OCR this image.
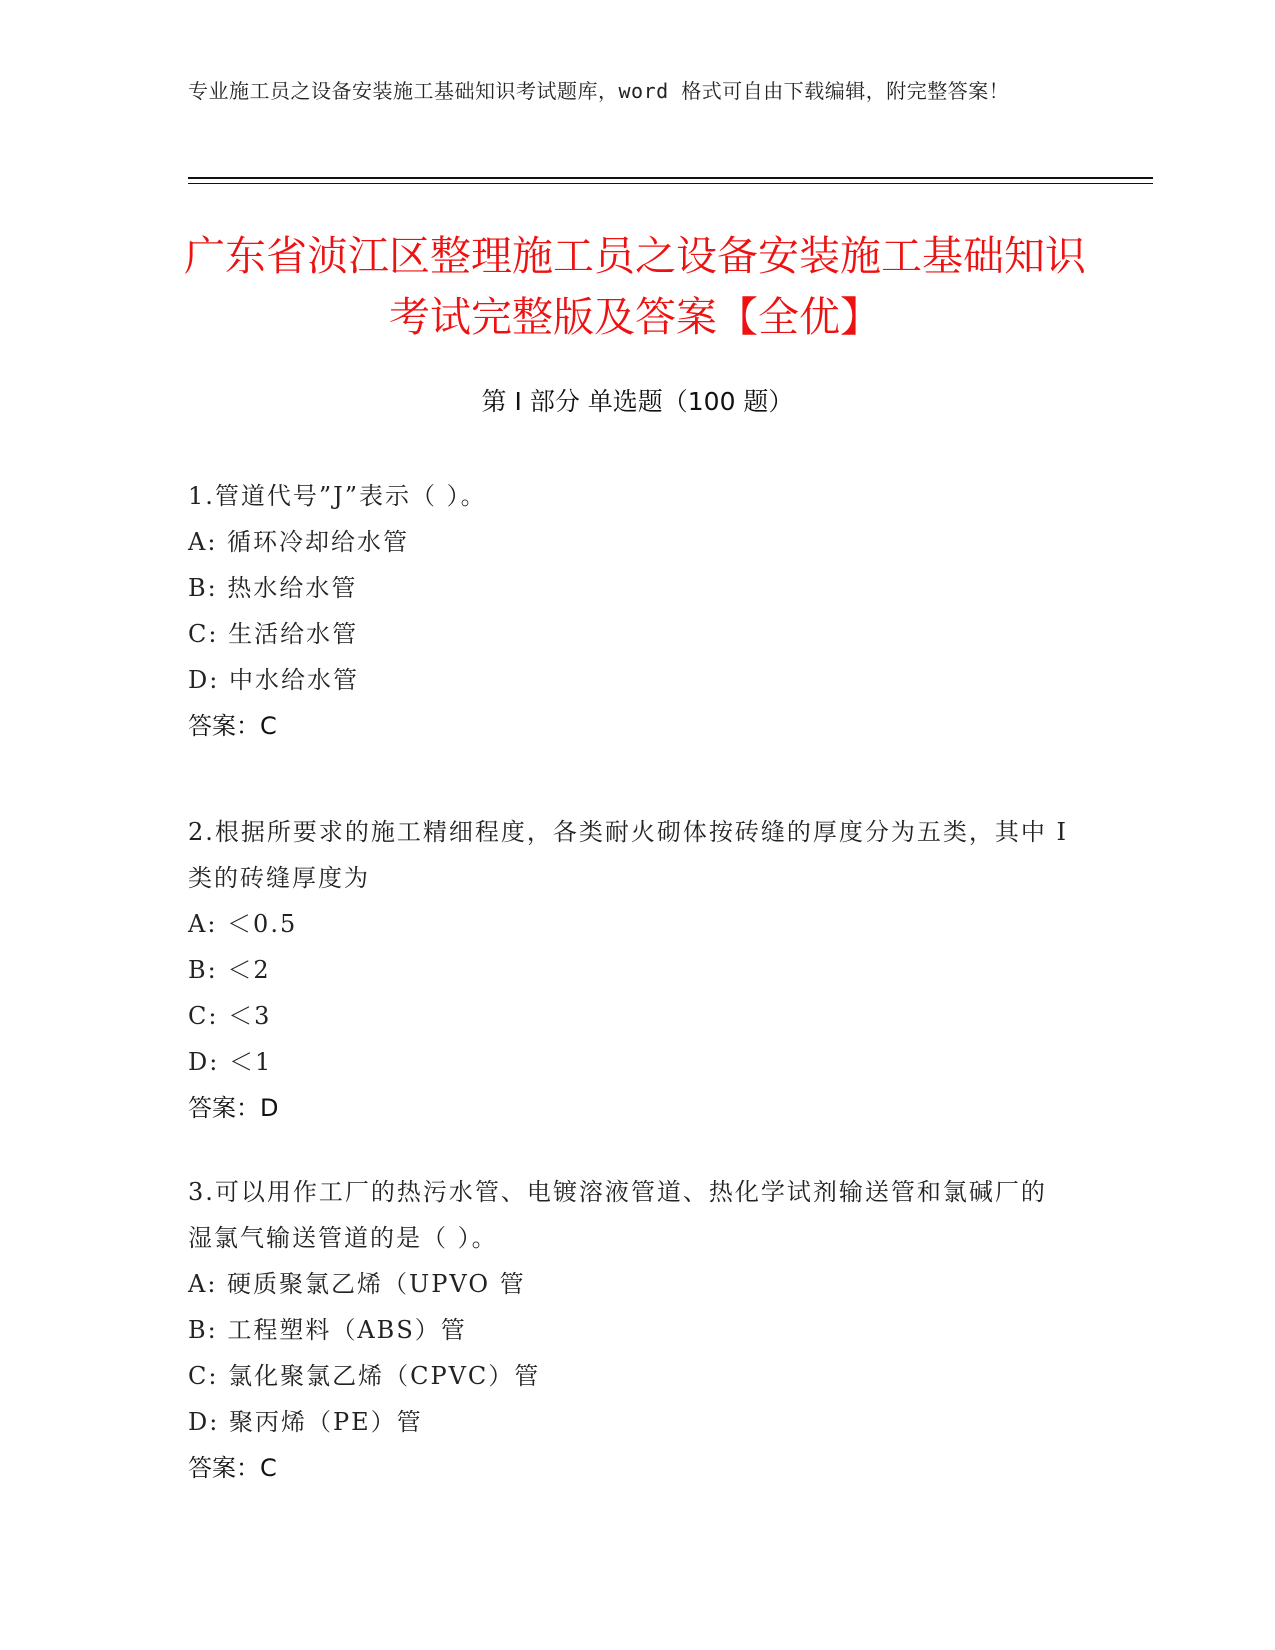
专业施工员之设备安装施工基础知识考试题库，word 格式可自由下载编辑，附完整答案！
广东省浈江区整理施工员之设备安装施工基础知识考试完整版及答案【全优】
第 I 部分 单选题（100 题）
1.管道代号”J”表示（ ）。
A: 循环冷却给水管
B: 热水给水管
C: 生活给水管
D: 中水给水管
答案：C
2.根据所要求的施工精细程度，各类耐火砌体按砖缝的厚度分为五类，其中 I 类的砖缝厚度为
A: ＜0.5
B: ＜2
C: ＜3
D: ＜1
答案：D
3.可以用作工厂的热污水管、电镀溶液管道、热化学试剂输送管和氯碱厂的湿氯气输送管道的是（ ）。
A: 硬质聚氯乙烯（UPVO 管
B: 工程塑料（ABS）管
C: 氯化聚氯乙烯（CPVC）管
D: 聚丙烯（PE）管
答案：C
